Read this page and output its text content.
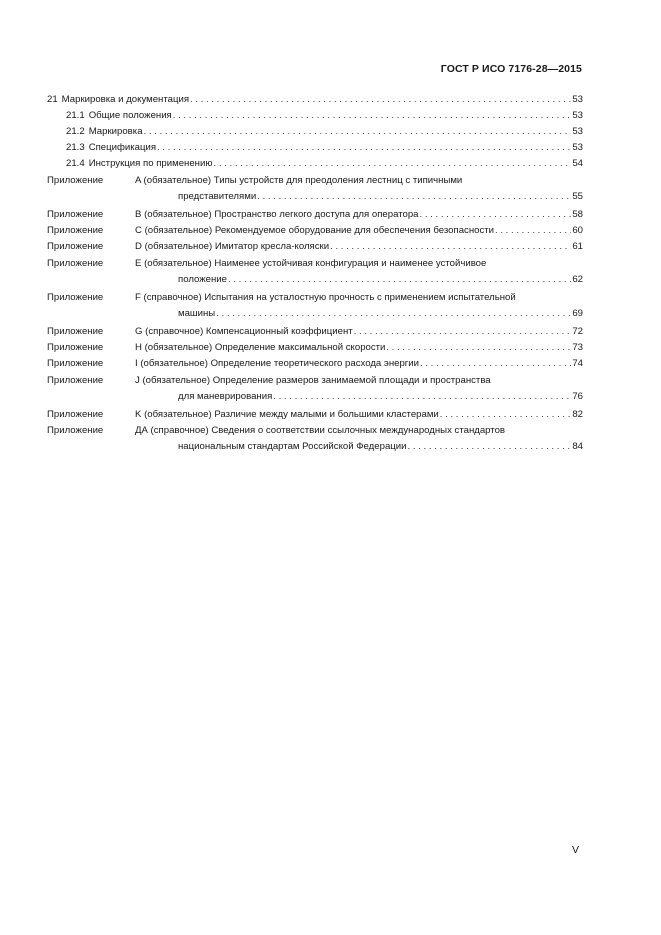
ГОСТ Р ИСО 7176-28—2015
21 Маркировка и документация . . .	53
21.1 Общие положения . . .	53
21.2 Маркировка . . .	53
21.3 Спецификация . . .	53
21.4 Инструкция по применению . . .	54
Приложение	A (обязательное) Типы устройств для преодоления лестниц с типичными
представителями . . .	55
Приложение	B (обязательное) Пространство легкого доступа для оператора . . .	58
Приложение	C (обязательное) Рекомендуемое оборудование для обеспечения безопасности . . .	60
Приложение	D (обязательное) Имитатор кресла-коляски . . .	61
Приложение	E (обязательное) Наименее устойчивая конфигурация и наименее устойчивое
положение . . .	62
Приложение	F (справочное) Испытания на усталостную прочность с применением испытательной
машины . . .	69
Приложение	G (справочное) Компенсационный коэффициент . . .	72
Приложение	H (обязательное) Определение максимальной скорости . . .	73
Приложение	I (обязательное) Определение теоретического расхода энергии . . .	74
Приложение	J (обязательное) Определение размеров занимаемой площади и пространства
для маневрирования . . .	76
Приложение	K (обязательное) Различие между малыми и большими кластерами . . .	82
Приложение	ДА (справочное) Сведения о соответствии ссылочных международных стандартов
национальным стандартам Российской Федерации . . .	84
V
